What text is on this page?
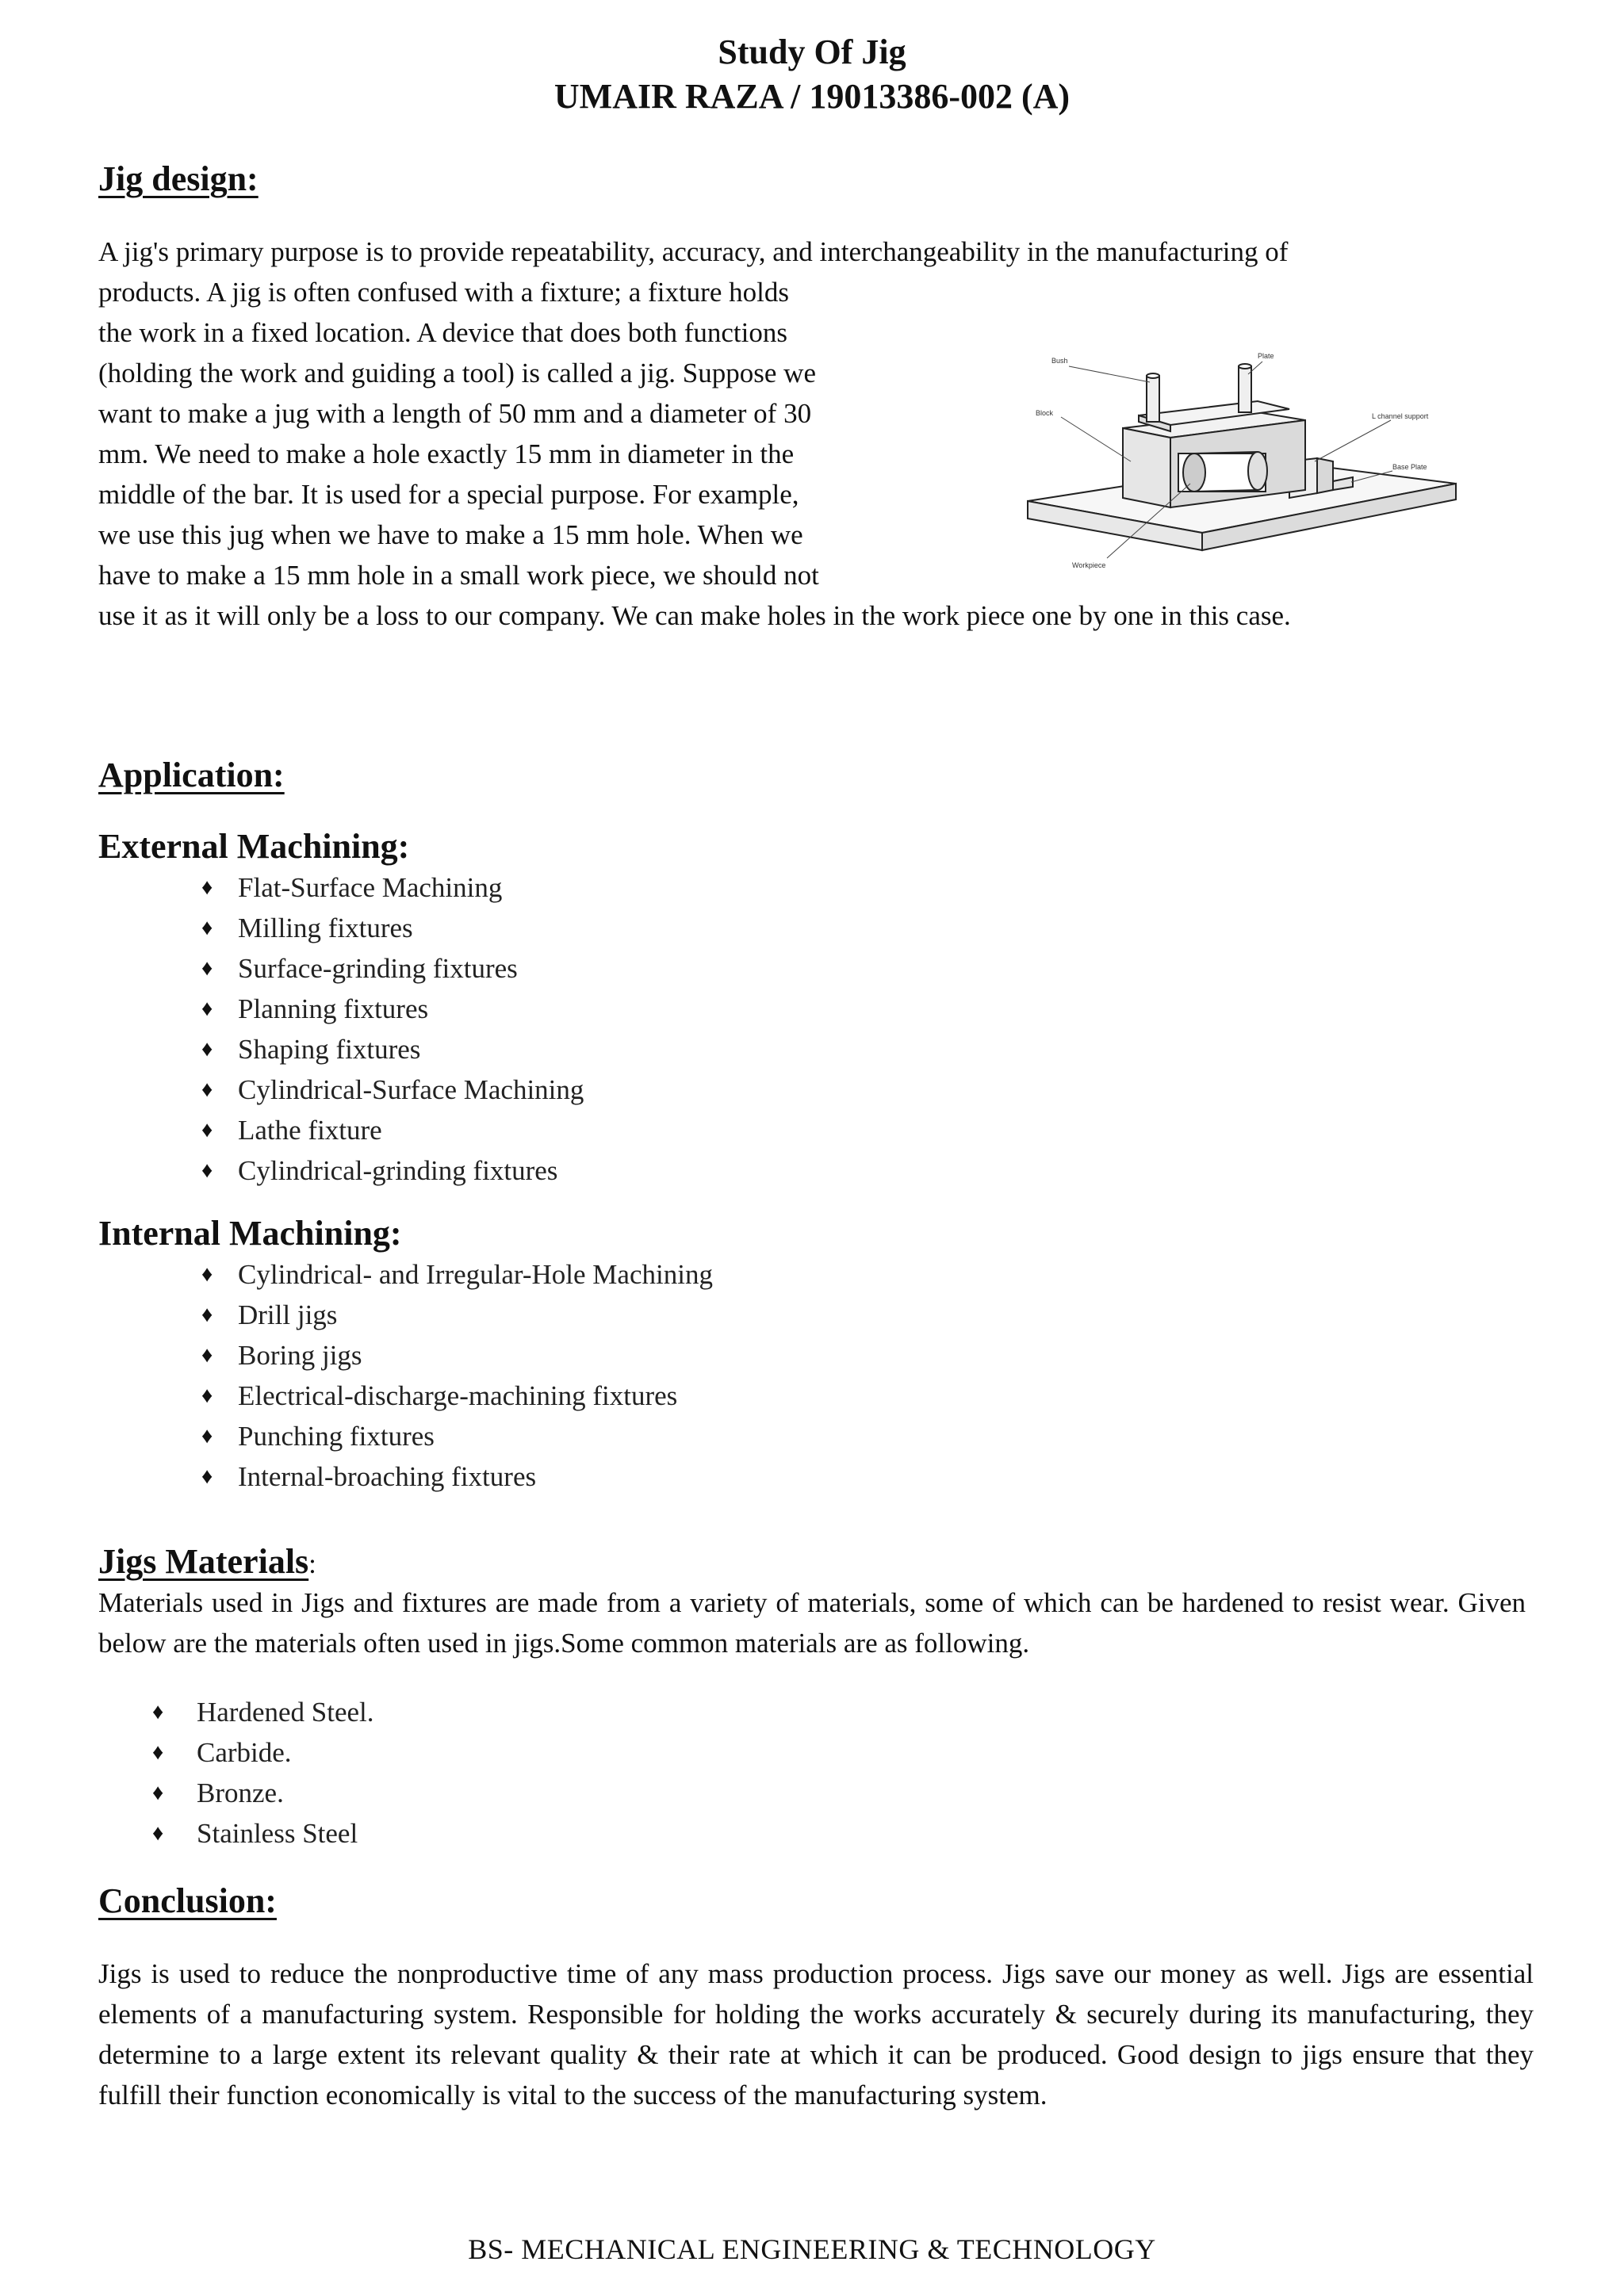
Study Of Jig
UMAIR RAZA / 19013386-002 (A)
Jig design:

A jig's primary purpose is to provide repeatability, accuracy, and interchangeability in the manufacturing of

products. A jig is often confused with a fixture; a fixture holds

the work in a fixed location. A device that does both functions

(holding the work and guiding a tool) is called a jig. Suppose we

want to make a jug with a length of 50 mm and a diameter of 30

mm. We need to make a hole exactly 15 mm in diameter in the

middle of the bar. It is used for a special purpose. For example,

we use this jug when we have to make a 15 mm hole. When we

have to make a 15 mm hole in a small work piece, we should not

use it as it will only be a loss to our company. We can make holes in the work piece one by one in this case.

Bush
Plate
Block	L channel support
Base Plate
Workpiece
Application:
External Machining:
♦ Flat-Surface Machining
♦ Milling fixtures
♦ Surface-grinding fixtures
♦ Planning fixtures
♦ Shaping fixtures
♦ Cylindrical-Surface Machining
♦ Lathe fixture
♦ Cylindrical-grinding fixtures
Internal Machining:
♦ Cylindrical- and Irregular-Hole Machining
♦ Drill jigs
♦ Boring jigs
♦ Electrical-discharge-machining fixtures
♦ Punching fixtures
♦ Internal-broaching fixtures
Jigs Materials:

Materials used in Jigs and fixtures are made from a variety of materials, some of which can be hardened to resist wear. Given below are the materials often used in jigs.Some common materials are as following.

♦	Hardened Steel.
♦	Carbide.
♦	Bronze.
♦	Stainless Steel
Conclusion:

Jigs is used to reduce the nonproductive time of any mass production process. Jigs save our money as well. Jigs are essential elements of a manufacturing system. Responsible for holding the works accurately & securely during its manufacturing, they determine to a large extent its relevant quality & their rate at which it can be produced. Good design to jigs ensure that they fulfill their function economically is vital to the success of the manufacturing system.

BS- MECHANICAL ENGINEERING & TECHNOLOGY
